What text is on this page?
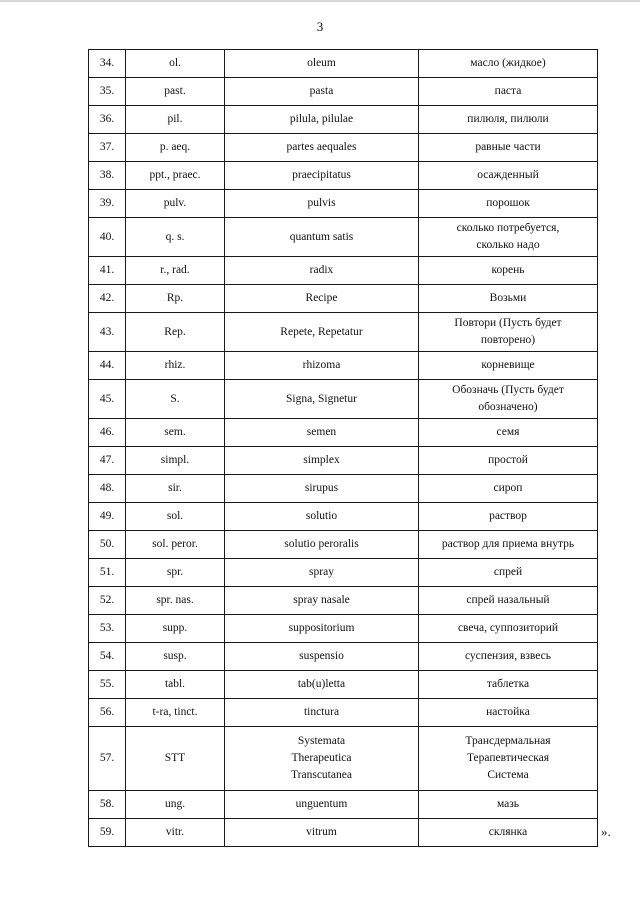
3
34.	ol.	oleum	масло (жидкое)
35.	past.	pasta	паста
36.	pil.	pilula, pilulae	пилюля, пилюли
37.	p. aeq.	partes aequales	равные части
38.	ppt., praec.	praecipitatus	осажденный
39.	pulv.	pulvis	порошок
40.	q. s.	quantum satis	сколько потребуется,
сколько надо
41.	r., rad.	radix	корень
42.	Rp.	Recipe	Возьми
43.	Rep.	Repete, Repetatur	Повтори (Пусть будет
повторено)
44.	rhiz.	rhizoma	корневище
45.	S.	Signa, Signetur	Обозначь (Пусть будет
обозначено)
46.	sem.	semen	семя
47.	simpl.	simplex	простой
48.	sir.	sirupus	сироп
49.	sol.	solutio	раствор
50.	sol. peror.	solutio peroralis	раствор для приема внутрь
51.	spr.	spray	спрей
52.	spr. nas.	spray nasale	спрей назальный
53.	supp.	suppositorium	свеча, суппозиторий
54.	susp.	suspensio	суспензия, взвесь
55.	tabl.	tab(u)letta	таблетка
56.	t-ra, tinct.	tinctura	настойка
57.	STT	Systemata
Therapeutica
Transcutanea	Трансдермальная
Терапевтическая
Система
58.	ung.	unguentum	мазь
59.	vitr.	vitrum	склянка	».
